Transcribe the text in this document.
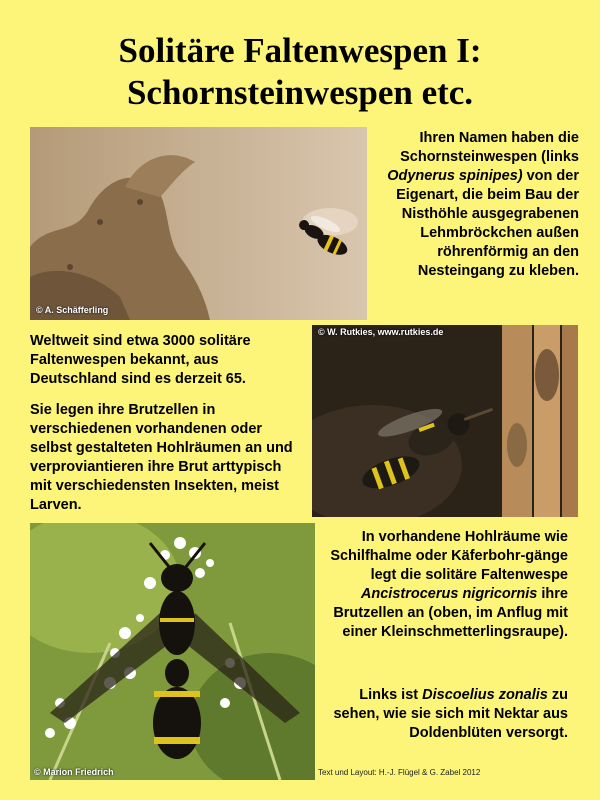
Solitäre Faltenwespen I:
Schornsteinwespen etc.
© A. Schäfferling

Ihren Namen haben die Schornsteinwespen (links Odynerus spinipes) von der Eigenart, die beim Bau der Nisthöhle ausgegrabenen Lehmbröckchen außen röhrenförmig an den Nesteingang zu kleben.

Weltweit sind etwa 3000 solitäre Faltenwespen bekannt, aus Deutschland sind es derzeit 65.

Sie legen ihre Brutzellen in verschiedenen vorhandenen oder selbst gestalteten Hohlräumen an und verproviantieren ihre Brut arttypisch mit verschiedensten Insekten, meist Larven.

© W. Rutkies, www.rutkies.de
© Marion Friedrich

In vorhandene Hohlräume wie Schilfhalme oder Käferbohr-gänge legt die solitäre Faltenwespe Ancistrocerus nigricornis ihre Brutzellen an (oben, im Anflug mit einer Kleinschmetterlingsraupe).

Links ist Discoelius zonalis zu sehen, wie sie sich mit Nektar aus Doldenblüten versorgt.

Text und Layout: H.-J. Flügel & G. Zabel 2012
